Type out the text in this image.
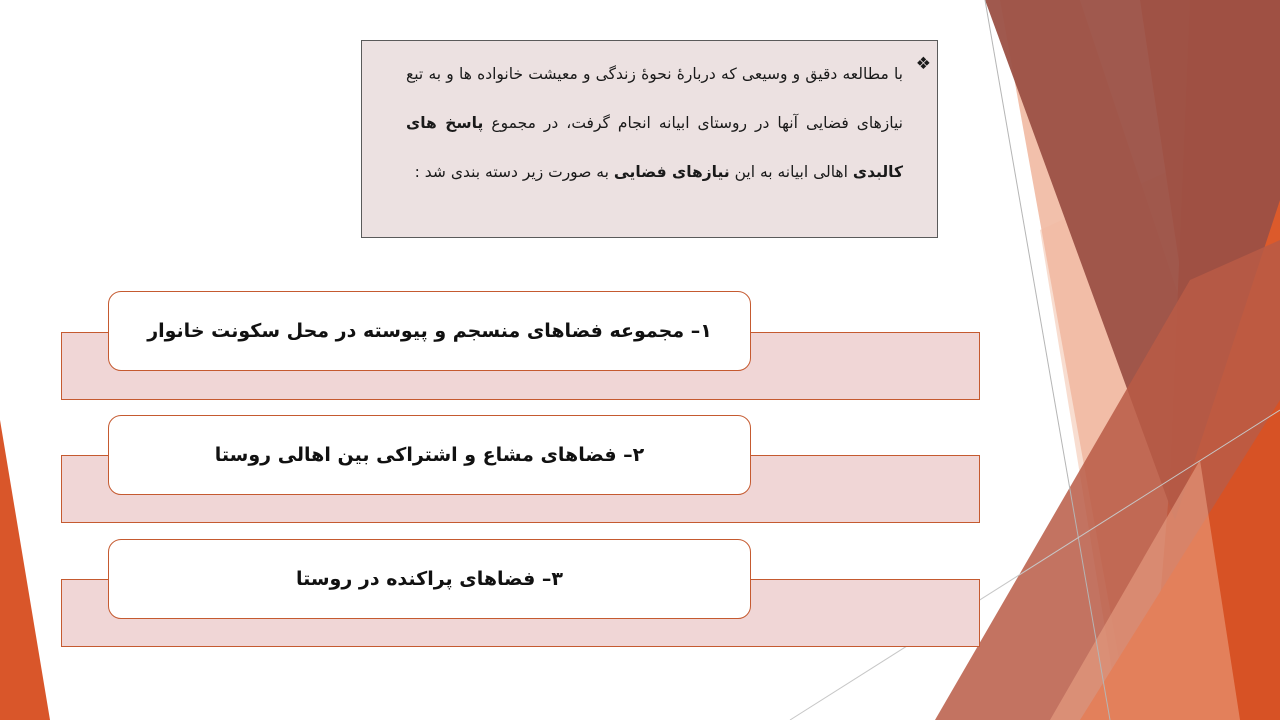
❖

با مطالعه دقیق و وسیعی که دربارۀ نحوۀ زندگی و معیشت خانواده ها و به تبع نیازهای فضایی آنها در روستای ابیانه انجام گرفت، در مجموع پاسخ های کالبدی اهالی ابیانه به این نیازهای فضایی به صورت زیر دسته بندی شد :

۱– مجموعه فضاهای منسجم و پیوسته در محل سکونت خانوار
۲– فضاهای مشاع و اشتراکی بین اهالی روستا
۳– فضاهای پراکنده در روستا
